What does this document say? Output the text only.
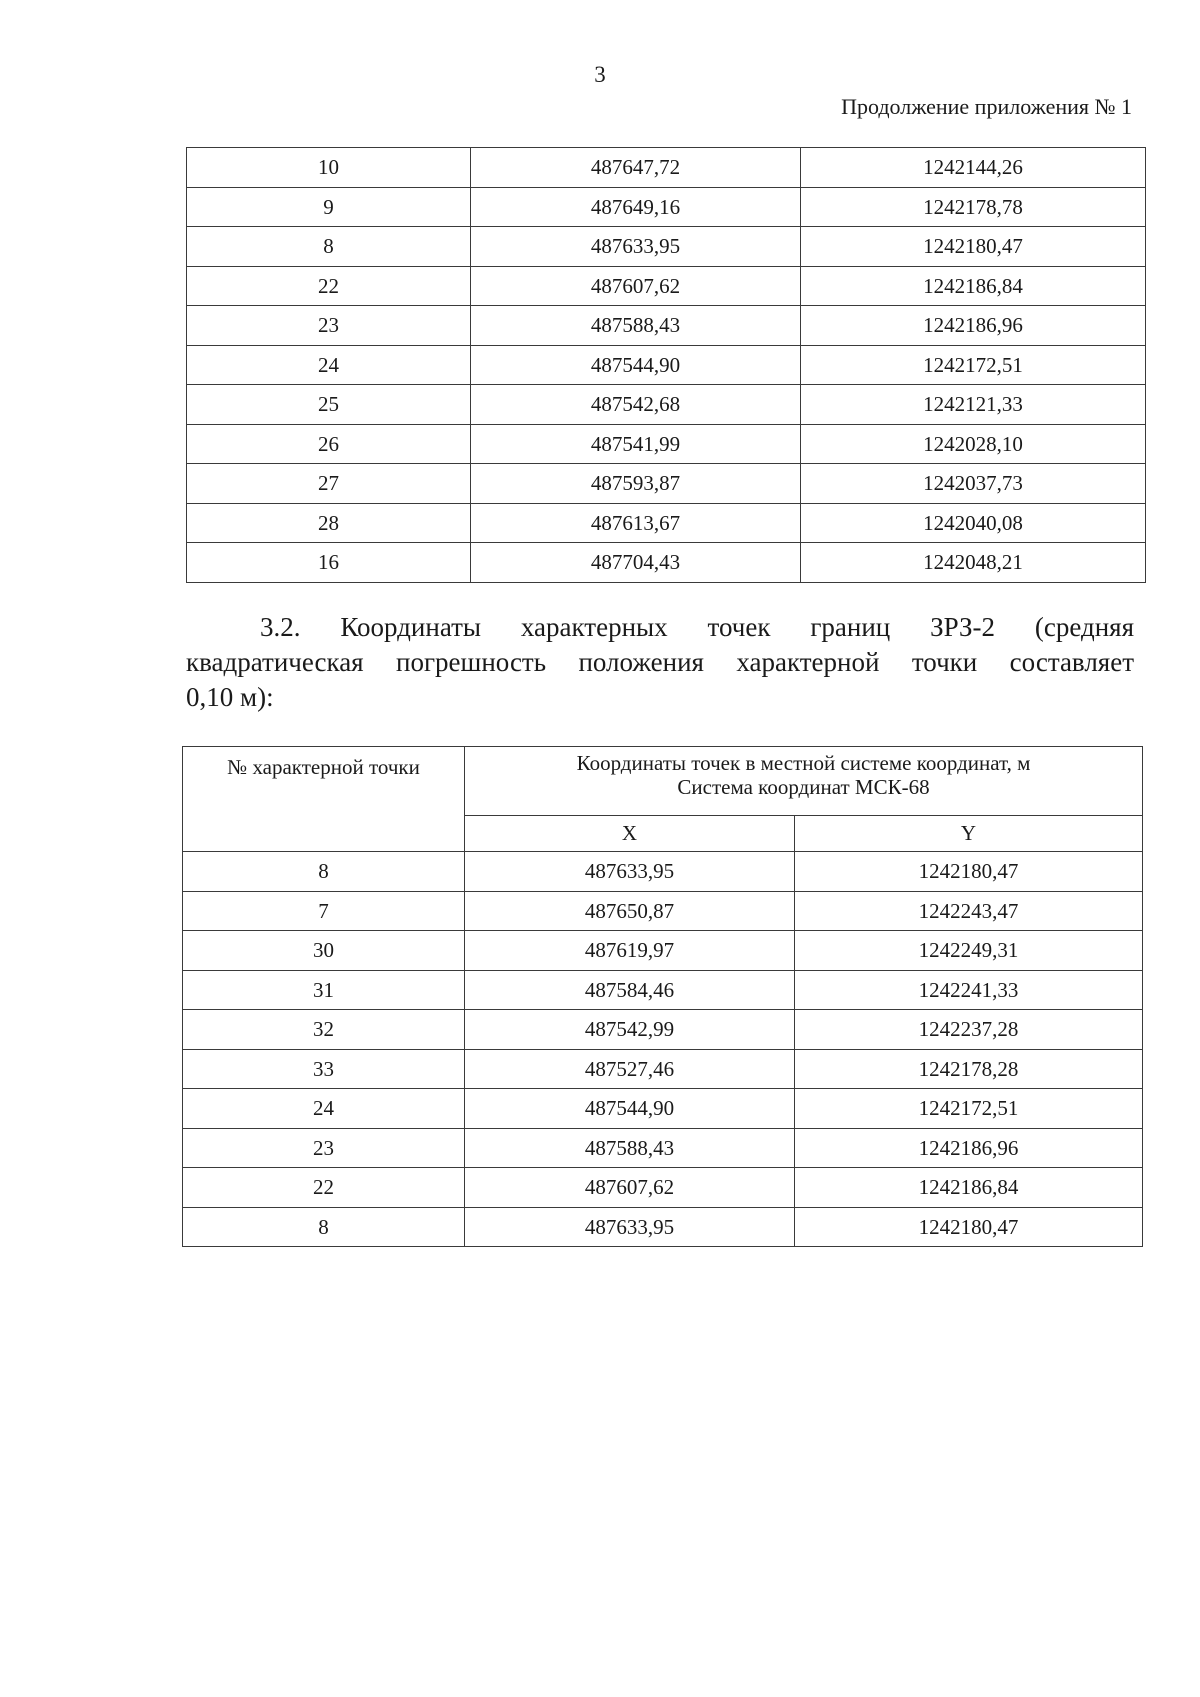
3
Продолжение приложения № 1
10	487647,72	1242144,26
9	487649,16	1242178,78
8	487633,95	1242180,47
22	487607,62	1242186,84
23	487588,43	1242186,96
24	487544,90	1242172,51
25	487542,68	1242121,33
26	487541,99	1242028,10
27	487593,87	1242037,73
28	487613,67	1242040,08
16	487704,43	1242048,21
3.2. Координаты характерных точек границ ЗРЗ-2 (средняя
квадратическая погрешность положения характерной точки составляет
0,10 м):
№ характерной точки	Координаты точек в местной системе координат, м
Система координат МСК-68	

	X	Y
8	487633,95	1242180,47
7	487650,87	1242243,47
30	487619,97	1242249,31
31	487584,46	1242241,33
32	487542,99	1242237,28
33	487527,46	1242178,28
24	487544,90	1242172,51
23	487588,43	1242186,96
22	487607,62	1242186,84
8	487633,95	1242180,47
